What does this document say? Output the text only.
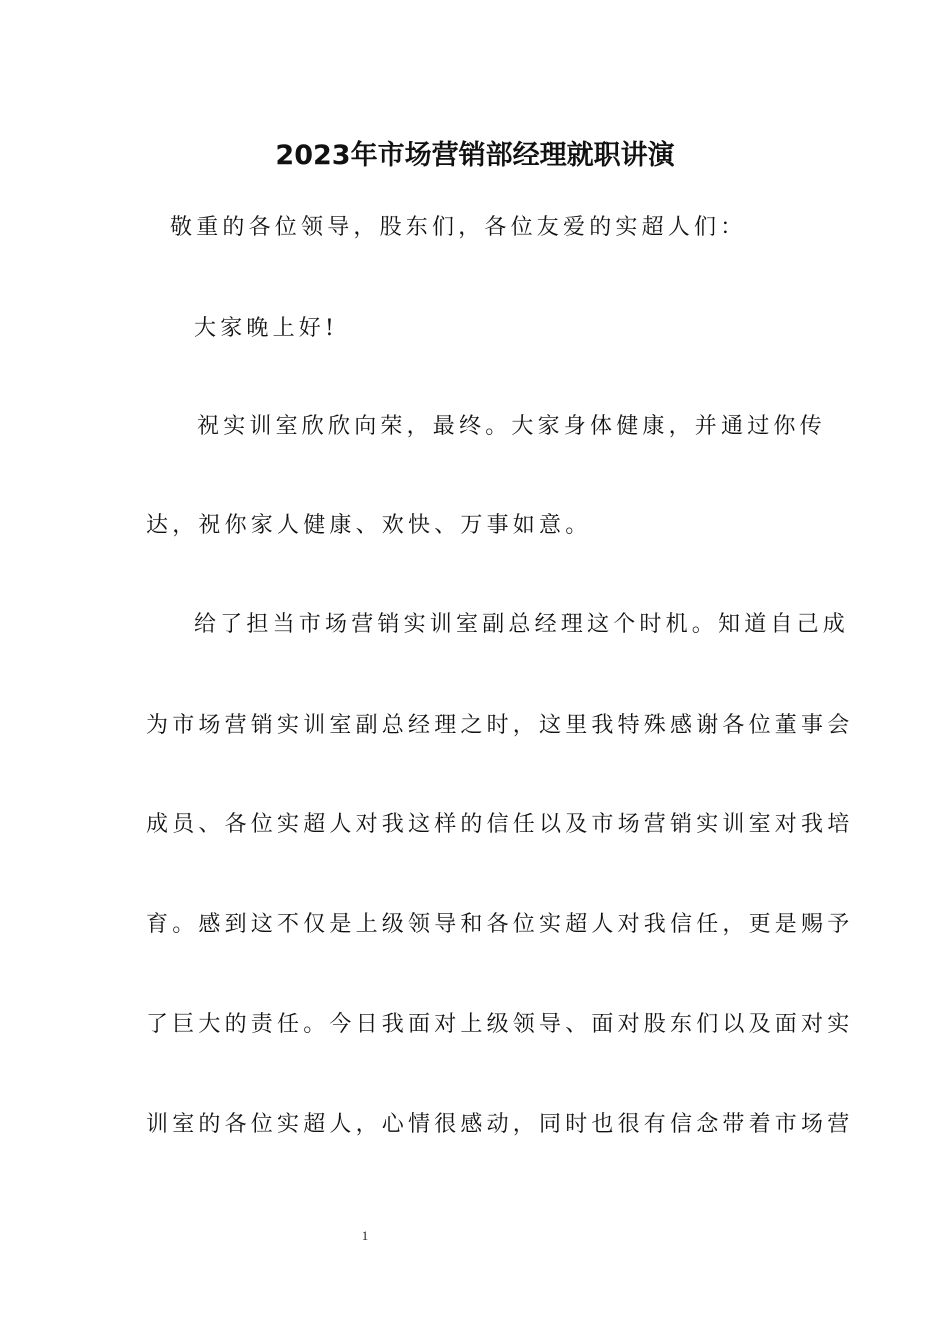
2023年市场营销部经理就职讲演
敬重的各位领导，股东们，各位友爱的实超人们：
大家晚上好!
祝实训室欣欣向荣，最终。大家身体健康，并通过你传
达，祝你家人健康、欢快、万事如意。
给了担当市场营销实训室副总经理这个时机。知道自己成
为市场营销实训室副总经理之时，这里我特殊感谢各位董事会
成员、各位实超人对我这样的信任以及市场营销实训室对我培
育。感到这不仅是上级领导和各位实超人对我信任，更是赐予
了巨大的责任。今日我面对上级领导、面对股东们以及面对实
训室的各位实超人，心情很感动，同时也很有信念带着市场营
1
